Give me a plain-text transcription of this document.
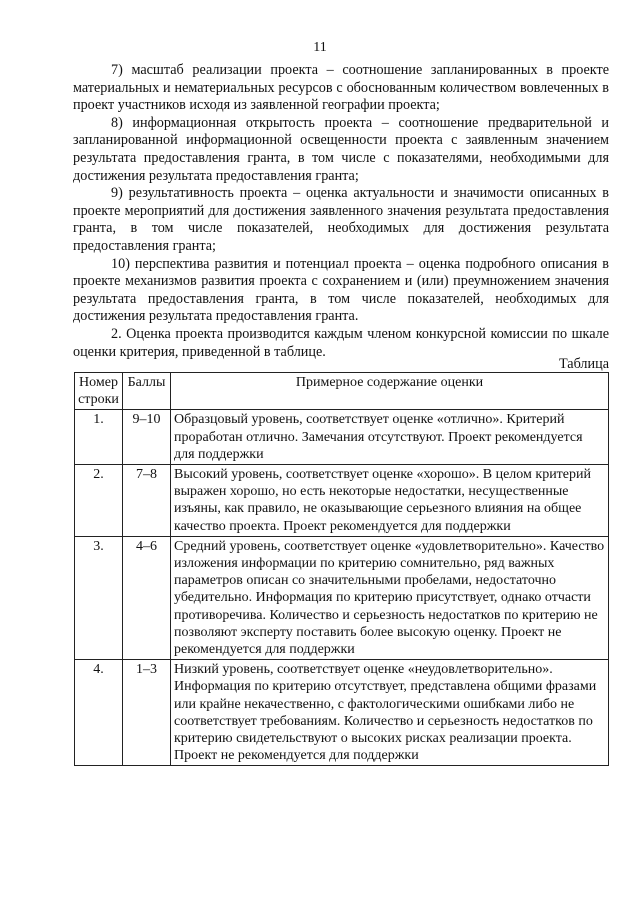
11

7) масштаб реализации проекта – соотношение запланированных в проекте материальных и нематериальных ресурсов с обоснованным количеством вовлеченных в проект участников исходя из заявленной географии проекта;

8) информационная открытость проекта – соотношение предварительной и запланированной информационной освещенности проекта с заявленным значением результата предоставления гранта, в том числе с показателями, необходимыми для достижения результата предоставления гранта;

9) результативность проекта – оценка актуальности и значимости описанных в проекте мероприятий для достижения заявленного значения результата предоставления гранта, в том числе показателей, необходимых для достижения результата предоставления гранта;

10) перспектива развития и потенциал проекта – оценка подробного описания в проекте механизмов развития проекта с сохранением и (или) преумножением значения результата предоставления гранта, в том числе показателей, необходимых для достижения результата предоставления гранта.

2. Оценка проекта производится каждым членом конкурсной комиссии по шкале оценки критерия, приведенной в таблице.

Таблица
Номер строки	Баллы	Примерное содержание оценки
1.	9–10	Образцовый уровень, соответствует оценке «отлично». Критерий проработан отлично. Замечания отсутствуют. Проект рекомендуется для поддержки
2.	7–8	Высокий уровень, соответствует оценке «хорошо». В целом критерий выражен хорошо, но есть некоторые недостатки, несущественные изъяны, как правило, не оказывающие серьезного влияния на общее качество проекта. Проект рекомендуется для поддержки
3.	4–6	Средний уровень, соответствует оценке «удовлетворительно». Качество изложения информации по критерию сомнительно, ряд важных параметров описан со значительными пробелами, недостаточно убедительно. Информация по критерию присутствует, однако отчасти противоречива. Количество и серьезность недостатков по критерию не позволяют эксперту поставить более высокую оценку. Проект не рекомендуется для поддержки
4.	1–3	Низкий уровень, соответствует оценке «неудовлетворительно». Информация по критерию отсутствует, представлена общими фразами или крайне некачественно, с фактологическими ошибками либо не соответствует требованиям. Количество и серьезность недостатков по критерию свидетельствуют о высоких рисках реализации проекта. Проект не рекомендуется для поддержки
